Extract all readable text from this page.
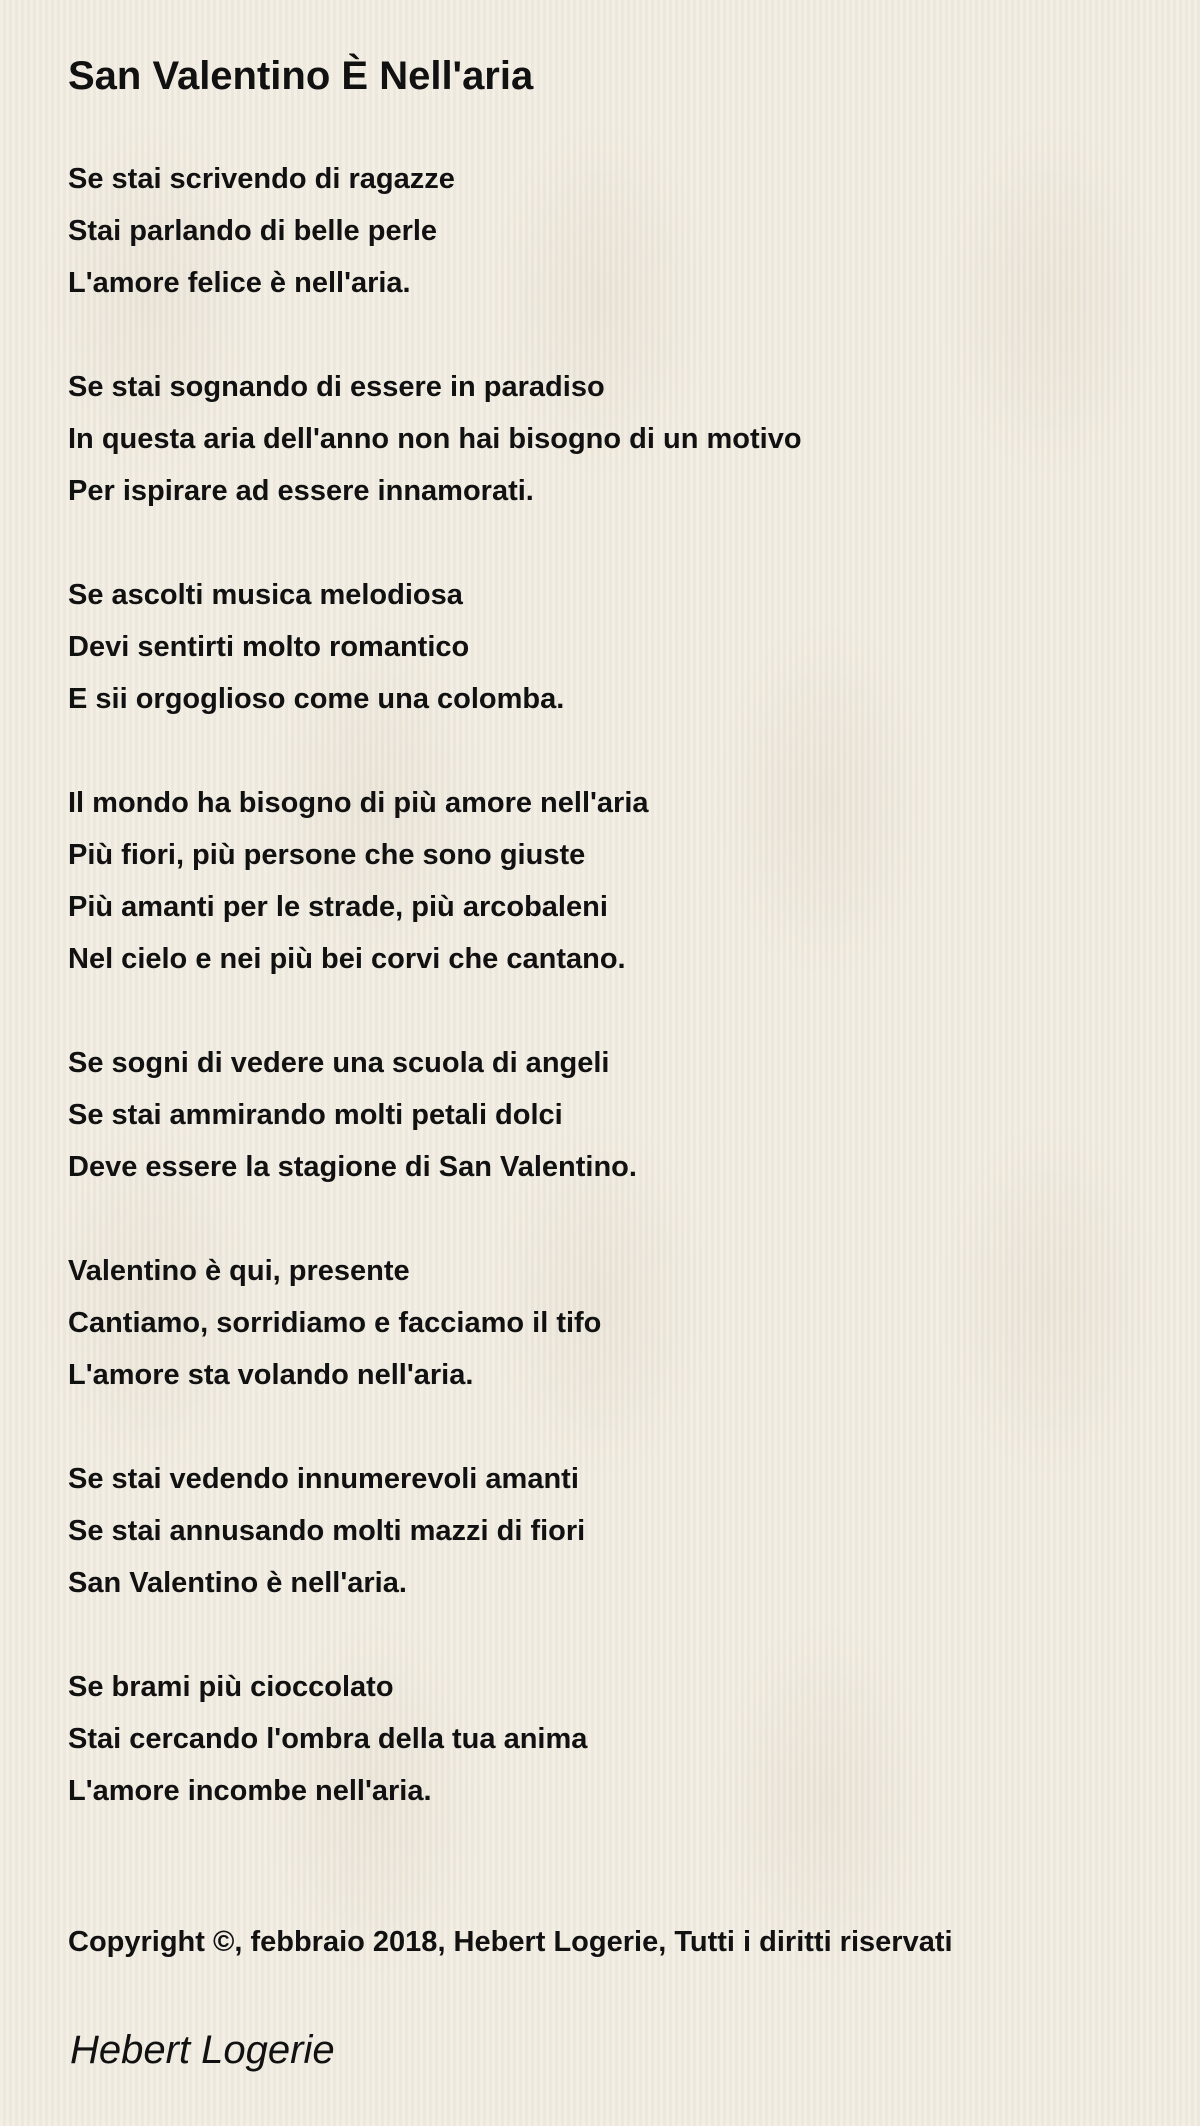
San Valentino È Nell'aria

Se stai scrivendo di ragazze
Stai parlando di belle perle
L'amore felice è nell'aria.

Se stai sognando di essere in paradiso
In questa aria dell'anno non hai bisogno di un motivo
Per ispirare ad essere innamorati.

Se ascolti musica melodiosa
Devi sentirti molto romantico
E sii orgoglioso come una colomba.

Il mondo ha bisogno di più amore nell'aria
Più fiori, più persone che sono giuste
Più amanti per le strade, più arcobaleni
Nel cielo e nei più bei corvi che cantano.

Se sogni di vedere una scuola di angeli
Se stai ammirando molti petali dolci
Deve essere la stagione di San Valentino.

Valentino è qui, presente
Cantiamo, sorridiamo e facciamo il tifo
L'amore sta volando nell'aria.

Se stai vedendo innumerevoli amanti
Se stai annusando molti mazzi di fiori
San Valentino è nell'aria.

Se brami più cioccolato
Stai cercando l'ombra della tua anima
L'amore incombe nell'aria.

Copyright ©, febbraio 2018, Hebert Logerie, Tutti i diritti riservati
Hebert Logerie
